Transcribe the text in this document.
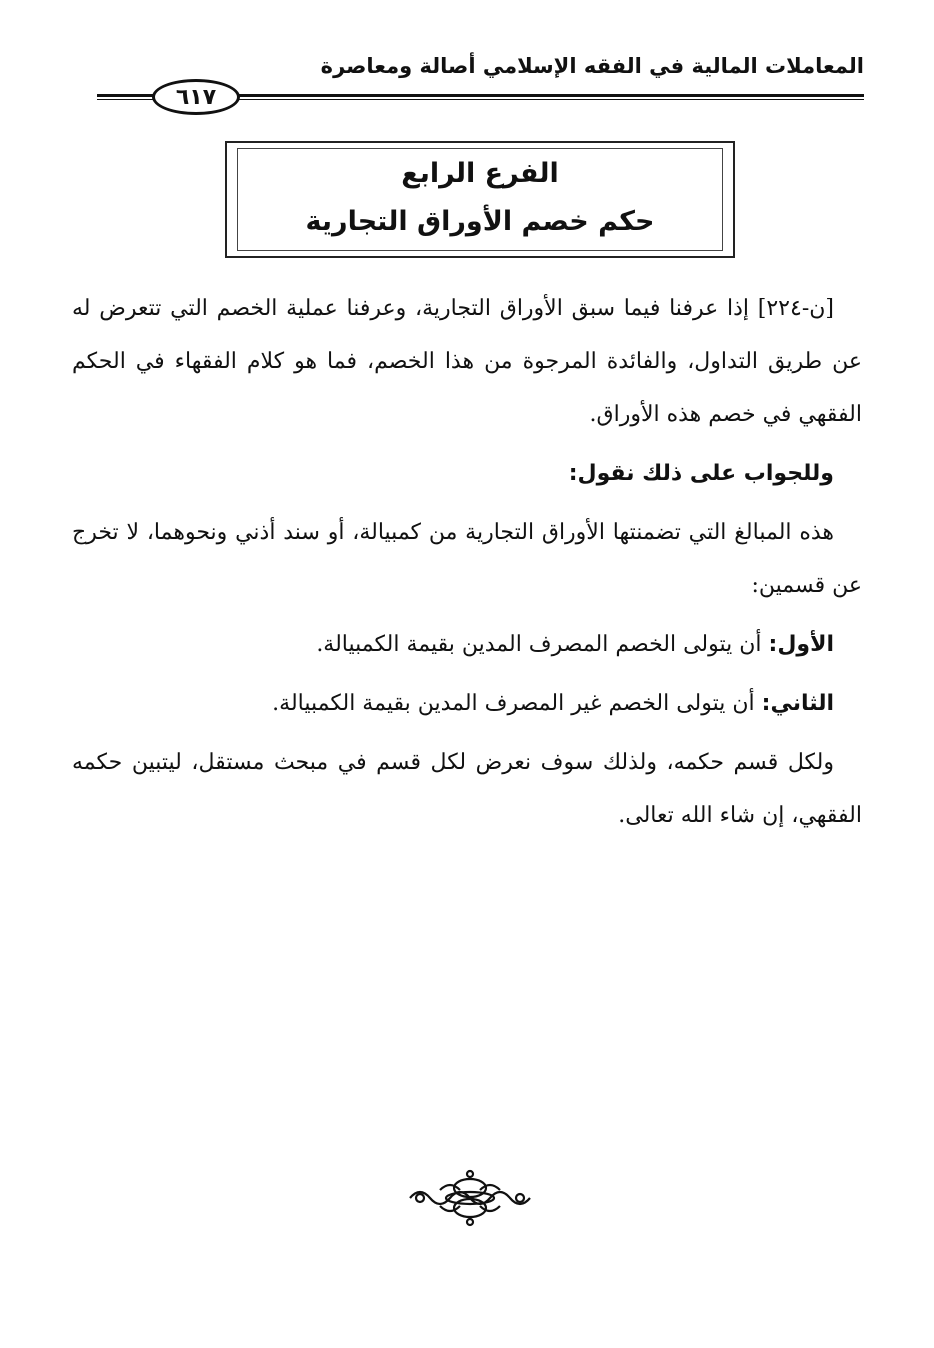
المعاملات المالية في الفقه الإسلامي أصالة ومعاصرة
٦١٧
الفرع الرابع
حكم خصم الأوراق التجارية

[ن-٢٢٤] إذا عرفنا فيما سبق الأوراق التجارية، وعرفنا عملية الخصم التي تتعرض له عن طريق التداول، والفائدة المرجوة من هذا الخصم، فما هو كلام الفقهاء في الحكم الفقهي في خصم هذه الأوراق.

وللجواب على ذلك نقول:

هذه المبالغ التي تضمنتها الأوراق التجارية من كمبيالة، أو سند أذني ونحوهما، لا تخرج عن قسمين:

الأول: أن يتولى الخصم المصرف المدين بقيمة الكمبيالة.

الثاني: أن يتولى الخصم غير المصرف المدين بقيمة الكمبيالة.

ولكل قسم حكمه، ولذلك سوف نعرض لكل قسم في مبحث مستقل، ليتبين حكمه الفقهي، إن شاء الله تعالى.
